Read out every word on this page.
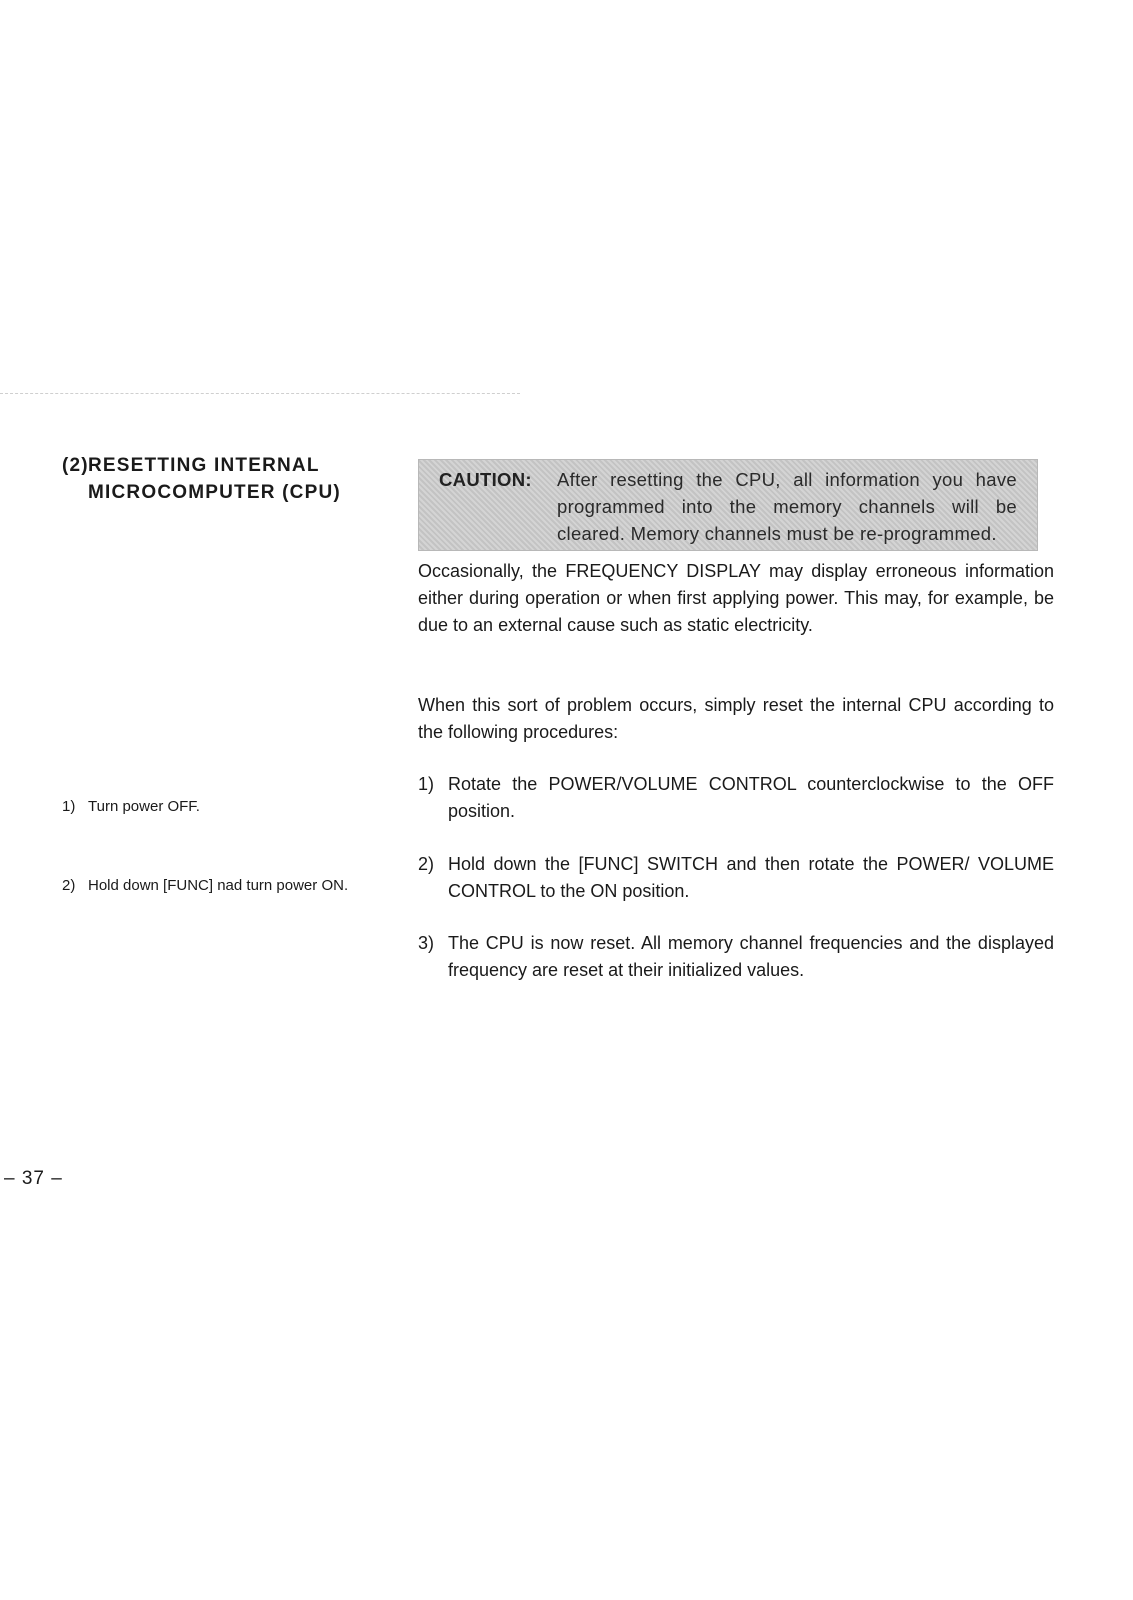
(2)RESETTING INTERNAL
MICROCOMPUTER (CPU)
CAUTION:	After resetting the CPU, all information you have programmed into the memory channels will be cleared. Memory channels must be re-programmed.

Occasionally, the FREQUENCY DISPLAY may display erroneous information either during operation or when first applying power. This may, for example, be due to an external cause such as static electricity.

When this sort of problem occurs, simply reset the internal CPU according to the following procedures:

1) Rotate the POWER/VOLUME CONTROL counterclockwise to the OFF position.
2) Hold down the [FUNC] SWITCH and then rotate the POWER/ VOLUME CONTROL to the ON position.
3) The CPU is now reset. All memory channel frequencies and the displayed frequency are reset at their initialized values.
1) Turn power OFF.
2) Hold down [FUNC] nad turn power ON.
– 37 –
